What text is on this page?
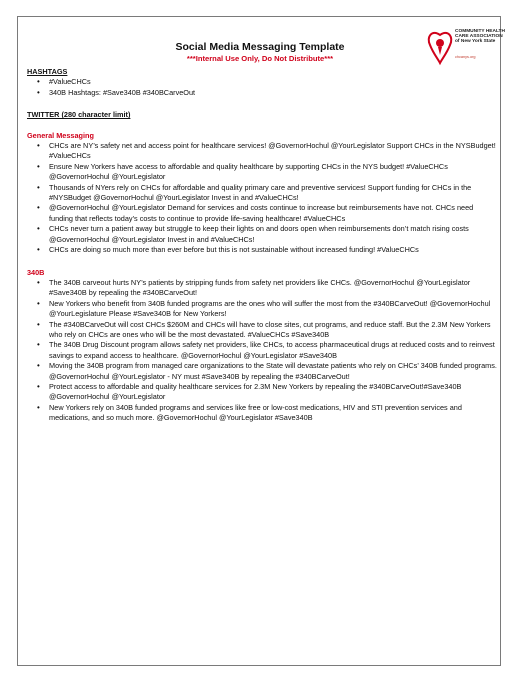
COMMUNITY HEALTH CARE ASSOCIATION of New York State
chcanys.org
Social Media Messaging Template
***Internal Use Only, Do Not Distribute***

HASHTAGS

• #ValueCHCs
• 340B Hashtags: #Save340B #340BCarveOut

TWITTER (280 character limit)

General Messaging

• CHCs are NY’s safety net and access point for healthcare services! @GovernorHochul @YourLegislator Support CHCs in the NYSBudget! #ValueCHCs
• Ensure New Yorkers have access to affordable and quality healthcare by supporting CHCs in the NYS budget! #ValueCHCs @GovernorHochul @YourLegislator
• Thousands of NYers rely on CHCs for affordable and quality primary care and preventive services! Support funding for CHCs in the #NYSBudget @GovernorHochul @YourLegislator Invest in and #ValueCHCs!
• @GovernorHochul @YourLegislator Demand for services and costs continue to increase but reimbursements have not. CHCs need funding that reflects today’s costs to continue to provide life-saving healthcare! #ValueCHCs
• CHCs never turn a patient away but struggle to keep their lights on and doors open when reimbursements don’t match rising costs @GovernorHochul @YourLegislator Invest in and #ValueCHCs!
• CHCs are doing so much more than ever before but this is not sustainable without increased funding! #ValueCHCs

340B

• The 340B carveout hurts NY’s patients by stripping funds from safety net providers like CHCs. @GovernorHochul @YourLegislator #Save340B by repealing the #340BCarveOut!
• New Yorkers who benefit from 340B funded programs are the ones who will suffer the most from the #340BCarveOut! @GovernorHochul @YourLegislature Please #Save340B for New Yorkers!
• The #340BCarveOut will cost CHCs $260M and CHCs will have to close sites, cut programs, and reduce staff. But the 2.3M New Yorkers who rely on CHCs are ones who will be the most devastated. #ValueCHCs #Save340B
• The 340B Drug Discount program allows safety net providers, like CHCs, to access pharmaceutical drugs at reduced costs and to reinvest savings to expand access to healthcare. @GovernorHochul @YourLegislator #Save340B
• Moving the 340B program from managed care organizations to the State will devastate patients who rely on CHCs’ 340B funded programs. @GovernorHochul @YourLegislator - NY must #Save340B by repealing the #340BCarveOut!
• Protect access to affordable and quality healthcare services for 2.3M New Yorkers by repealing the #340BCarveOut!#Save340B @GovernorHochul @YourLegislator
• New Yorkers rely on 340B funded programs and services like free or low-cost medications, HIV and STI prevention services and medications, and so much more. @GovernorHochul @YourLegislator #Save340B
